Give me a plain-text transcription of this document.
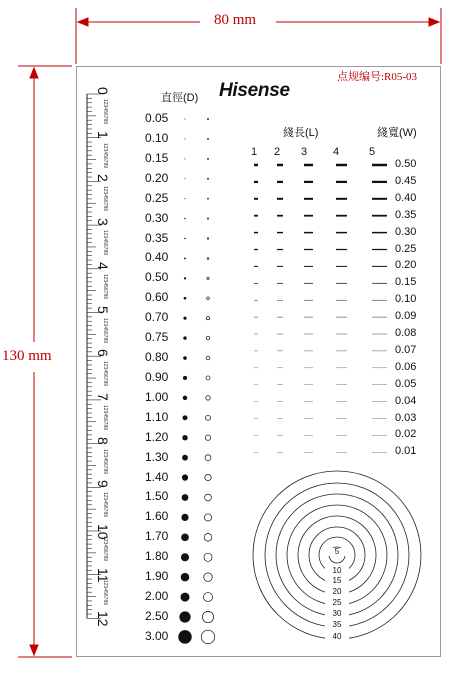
80 mm
130 mm
点规编号:R05-03
Hisense
直徑(D)
綫長(L)	綫寬(W)
0
123456789
1
123456789
2
123456789
3
123456789
4
123456789
5
123456789
6
123456789
7
123456789
8
123456789
9
123456789
10
123456789
11
123456789
12
0.05
0.10
0.15
0.20
0.25
0.30
0.35
0.40
0.50
0.60
0.70
0.75
0.80
0.90
1.00
1.10
1.20
1.30
1.40
1.50
1.60
1.70
1.80
1.90
2.00
2.50
3.00
1 2 3 4	5
0.50
0.45
0.40
0.35
0.30
0.25
0.20
0.15
0.10
0.09
0.08
0.07
0.06
0.05
0.04
0.03
0.02
0.01
5
10
15
20
25
30
35
40
